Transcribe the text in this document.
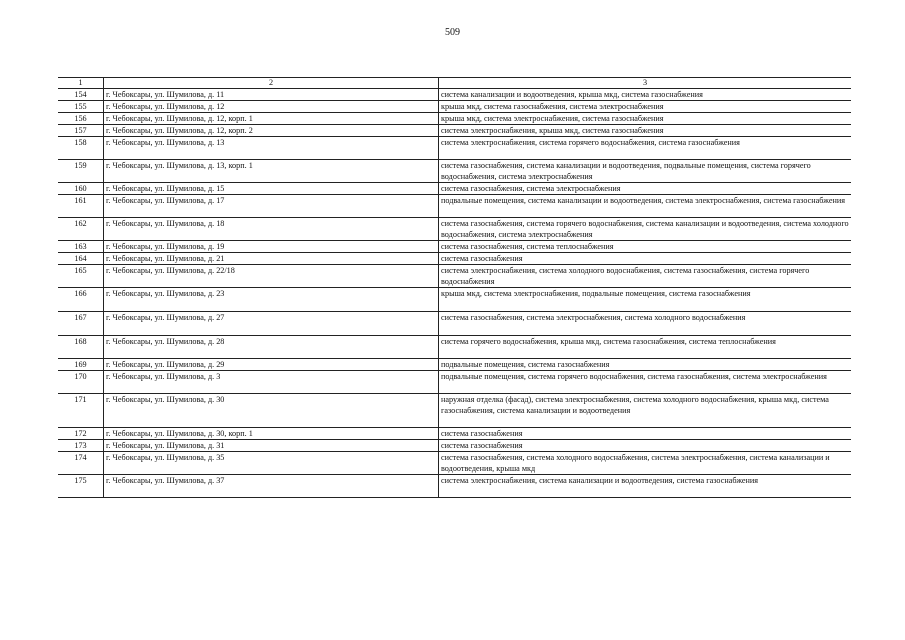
509
1	2	3
154	г. Чебоксары, ул. Шумилова, д. 11	система канализации и водоотведения, крыша мкд, система газоснабжения
155	г. Чебоксары, ул. Шумилова, д. 12	крыша мкд, система газоснабжения, система электроснабжения
156	г. Чебоксары, ул. Шумилова, д. 12, корп. 1	крыша мкд, система электроснабжения, система газоснабжения
157	г. Чебоксары, ул. Шумилова, д. 12, корп. 2	система электроснабжения, крыша мкд, система газоснабжения
158	г. Чебоксары, ул. Шумилова, д. 13	система электроснабжения, система горячего водоснабжения, система газоснабжения
159	г. Чебоксары, ул. Шумилова, д. 13, корп. 1	система газоснабжения, система канализации и водоотведения, подвальные помещения, система горячего водоснабжения, система электроснабжения
160	г. Чебоксары, ул. Шумилова, д. 15	система газоснабжения, система электроснабжения
161	г. Чебоксары, ул. Шумилова, д. 17	подвальные помещения, система канализации и водоотведения, система электроснабжения, система газоснабжения
162	г. Чебоксары, ул. Шумилова, д. 18	система газоснабжения, система горячего водоснабжения, система канализации и водоотведения, система холодного водоснабжения, система электроснабжения
163	г. Чебоксары, ул. Шумилова, д. 19	система газоснабжения, система теплоснабжения
164	г. Чебоксары, ул. Шумилова, д. 21	система газоснабжения
165	г. Чебоксары, ул. Шумилова, д. 22/18	система электроснабжения, система холодного водоснабжения, система газоснабжения, система горячего водоснабжения
166	г. Чебоксары, ул. Шумилова, д. 23	крыша мкд, система электроснабжения, подвальные помещения, система газоснабжения
167	г. Чебоксары, ул. Шумилова, д. 27	система газоснабжения, система электроснабжения, система холодного водоснабжения
168	г. Чебоксары, ул. Шумилова, д. 28	система горячего водоснабжения, крыша мкд, система газоснабжения, система теплоснабжения
169	г. Чебоксары, ул. Шумилова, д. 29	подвальные помещения, система газоснабжения
170	г. Чебоксары, ул. Шумилова, д. 3	подвальные помещения, система горячего водоснабжения, система газоснабжения, система электроснабжения
171	г. Чебоксары, ул. Шумилова, д. 30	наружная отделка (фасад), система электроснабжения, система холодного водоснабжения, крыша мкд, система газоснабжения, система канализации и водоотведения
172	г. Чебоксары, ул. Шумилова, д. 30, корп. 1	система газоснабжения
173	г. Чебоксары, ул. Шумилова, д. 31	система газоснабжения
174	г. Чебоксары, ул. Шумилова, д. 35	система газоснабжения, система холодного водоснабжения, система электроснабжения, система канализации и водоотведения, крыша мкд
175	г. Чебоксары, ул. Шумилова, д. 37	система электроснабжения, система канализации и водоотведения, система газоснабжения
